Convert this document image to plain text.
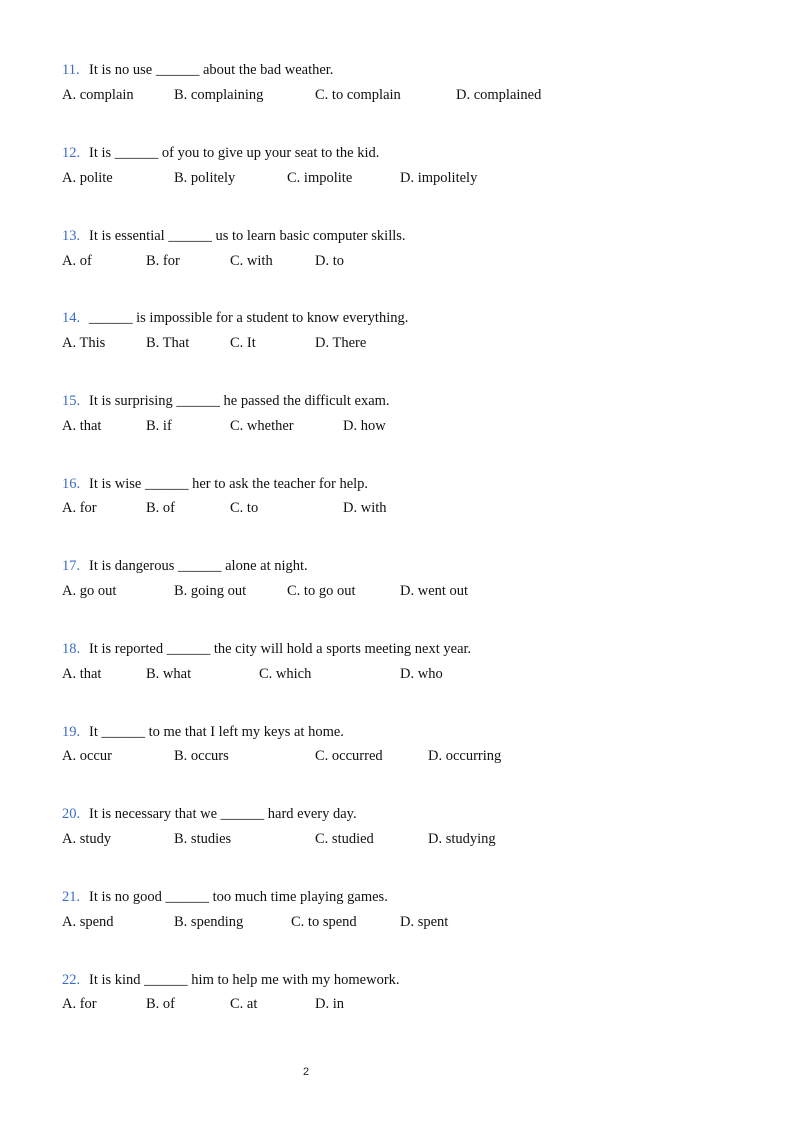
11. It is no use ______ about the bad weather.
A. complain	B. complaining	C. to complain	D. complained
12. It is ______ of you to give up your seat to the kid.
A. polite	B. politely	C. impolite	D. impolitely
13. It is essential ______ us to learn basic computer skills.
A. of	B. for	C. with	D. to
14. ______ is impossible for a student to know everything.
A. This	B. That	C. It	D. There
15. It is surprising ______ he passed the difficult exam.
A. that	B. if	C. whether	D. how
16. It is wise ______ her to ask the teacher for help.
A. for	B. of	C. to	D. with
17. It is dangerous ______ alone at night.
A. go out	B. going out	C. to go out	D. went out
18. It is reported ______ the city will hold a sports meeting next year.
A. that	B. what	C. which	D. who
19. It ______ to me that I left my keys at home.
A. occur	B. occurs	C. occurred	D. occurring
20. It is necessary that we ______ hard every day.
A. study	B. studies	C. studied	D. studying
21. It is no good ______ too much time playing games.
A. spend	B. spending	C. to spend	D. spent
22. It is kind ______ him to help me with my homework.
A. for	B. of	C. at	D. in
2
